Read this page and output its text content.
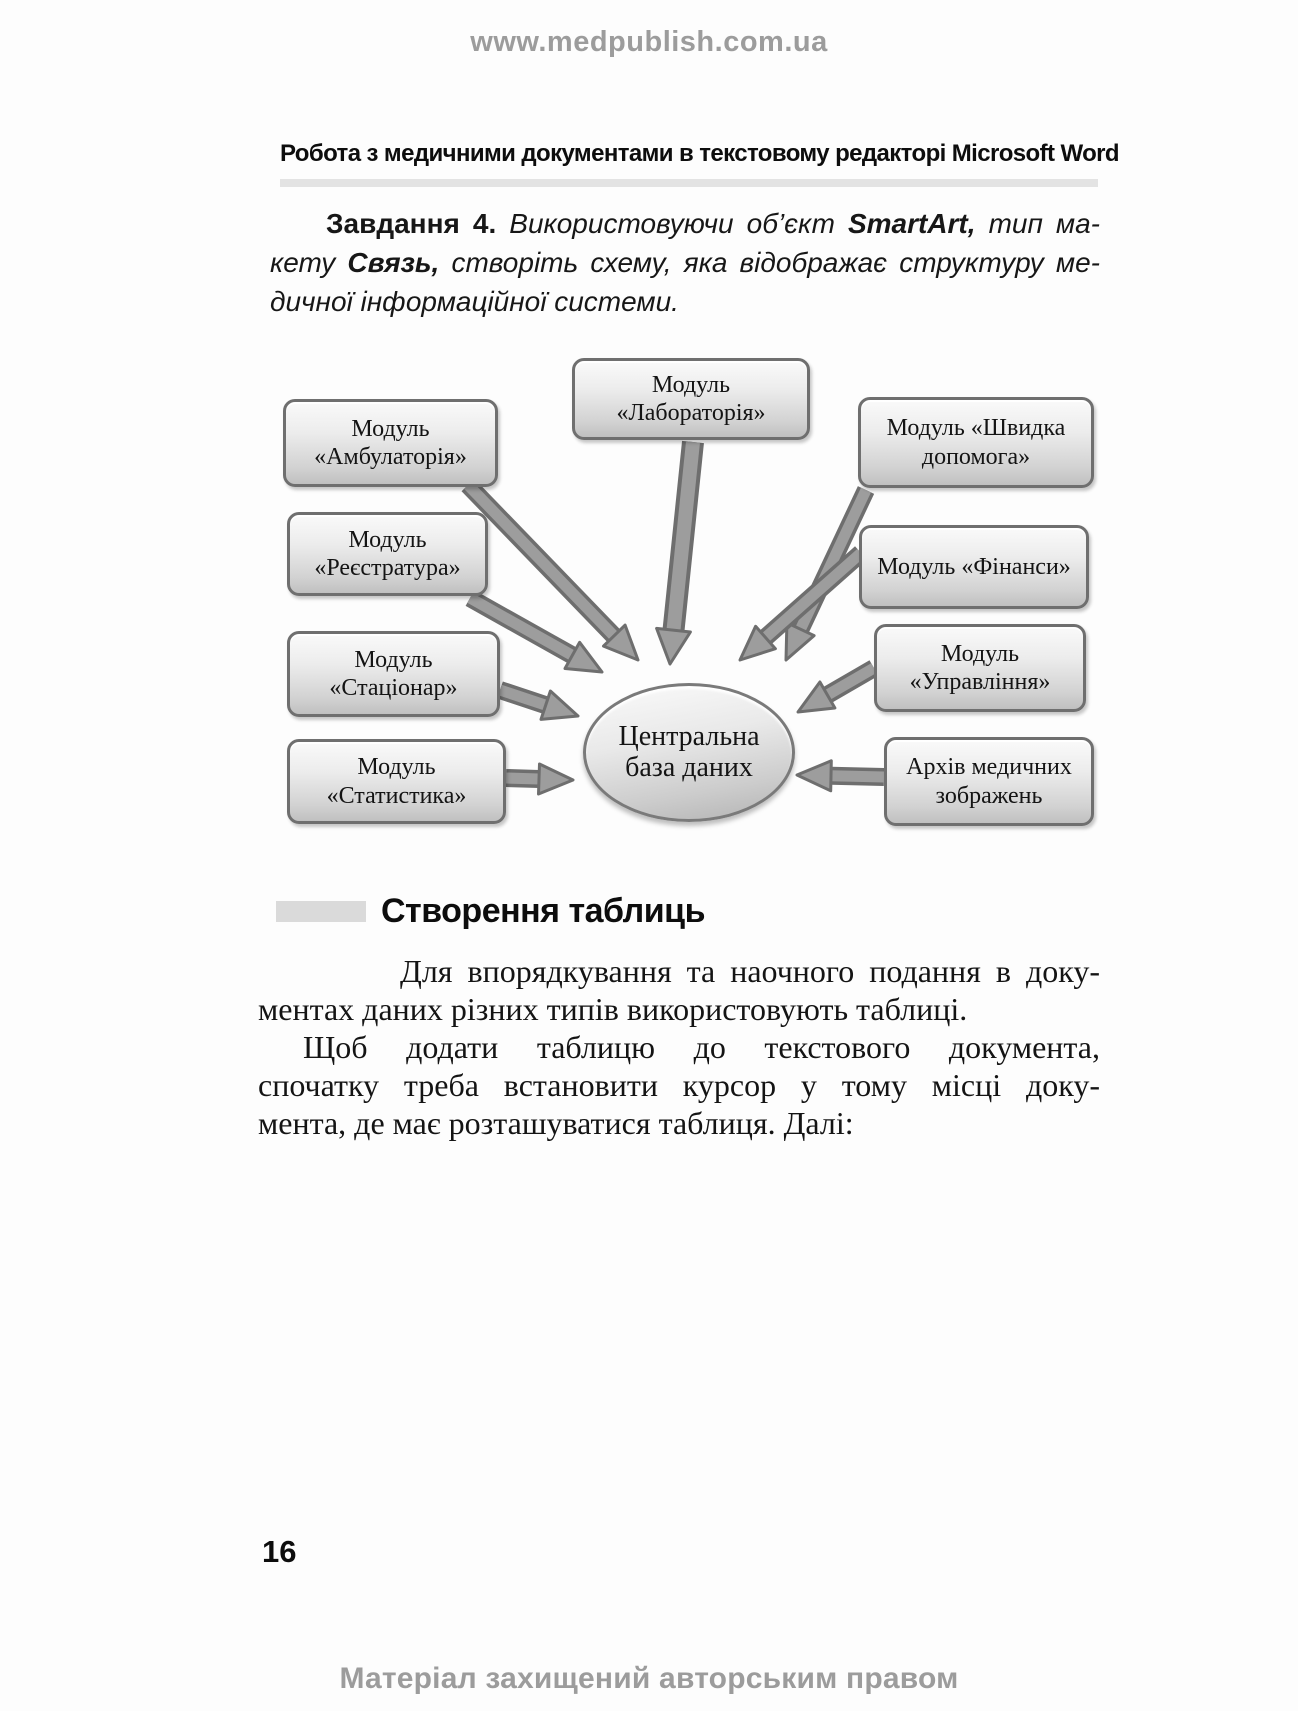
www.medpublish.com.ua
Робота з медичними документами в текстовому редакторі Microsoft Word
Завдання 4. Використовуючи об’єкт SmartArt, тип ма-
кету Связь, створіть схему, яка відображає структуру ме-
дичної інформаційної системи.
Модуль «Амбулаторія»
Модуль «Лабораторія»
Модуль «Швидка допомога»
Модуль «Реєстратура»	Модуль «Фінанси»
Модуль «Стаціонар»
Модуль «Управління»
Модуль «Статистика»
Архів медичних зображень
Центральна база даних
Створення таблиць
Для впорядкування та наочного подання в доку-
ментах даних різних типів використовують таблиці.
Щоб додати таблицю до текстового документа,
спочатку треба встановити курсор у тому місці доку-
мента, де має розташуватися таблиця. Далі:
16
Матеріал захищений авторським правом
